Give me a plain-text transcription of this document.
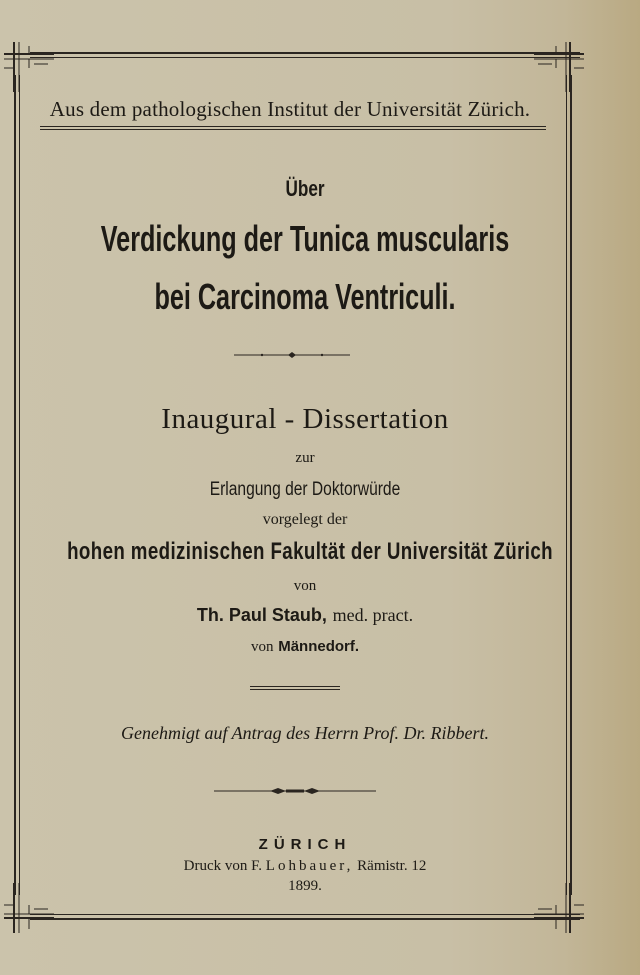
Aus dem pathologischen Institut der Universität Zürich.
Über
Verdickung der Tunica muscularis
bei Carcinoma Ventriculi.
Inaugural - Dissertation
zur
Erlangung der Doktorwürde
vorgelegt der
hohen medizinischen Fakultät der Universität Zürich
von
Th. Paul Staub, med. pract.
von Männedorf.
Genehmigt auf Antrag des Herrn Prof. Dr. Ribbert.
ZÜRICH
Druck von F. Lohbauer, Rämistr. 12
1899.
